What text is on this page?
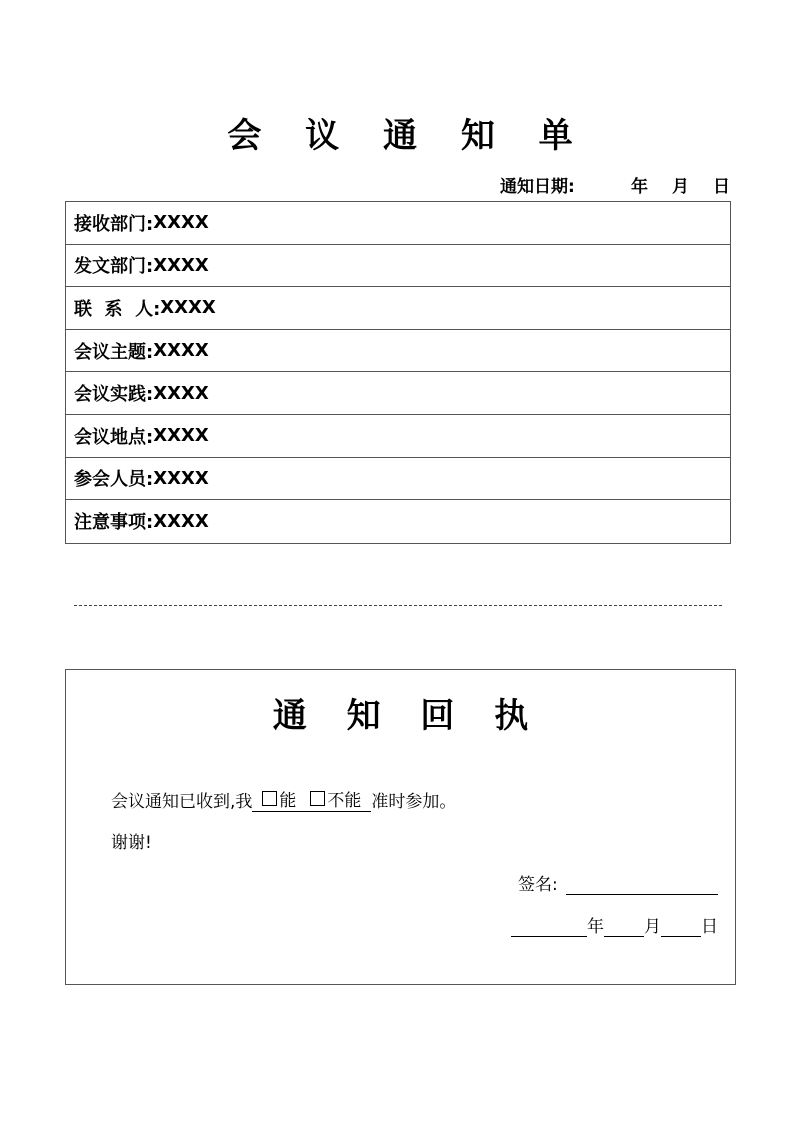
会 议 通 知 单
通知日期:	年 月 日
接收部门: XXXX
发文部门: XXXX
联  系  人: XXXX
会议主题: XXXX
会议实践: XXXX
会议地点: XXXX
参会人员: XXXX
注意事项: XXXX
通 知 回 执
会议通知已收到,我 能 不能 准时参加。
谢谢!
签名:
年 月 日
